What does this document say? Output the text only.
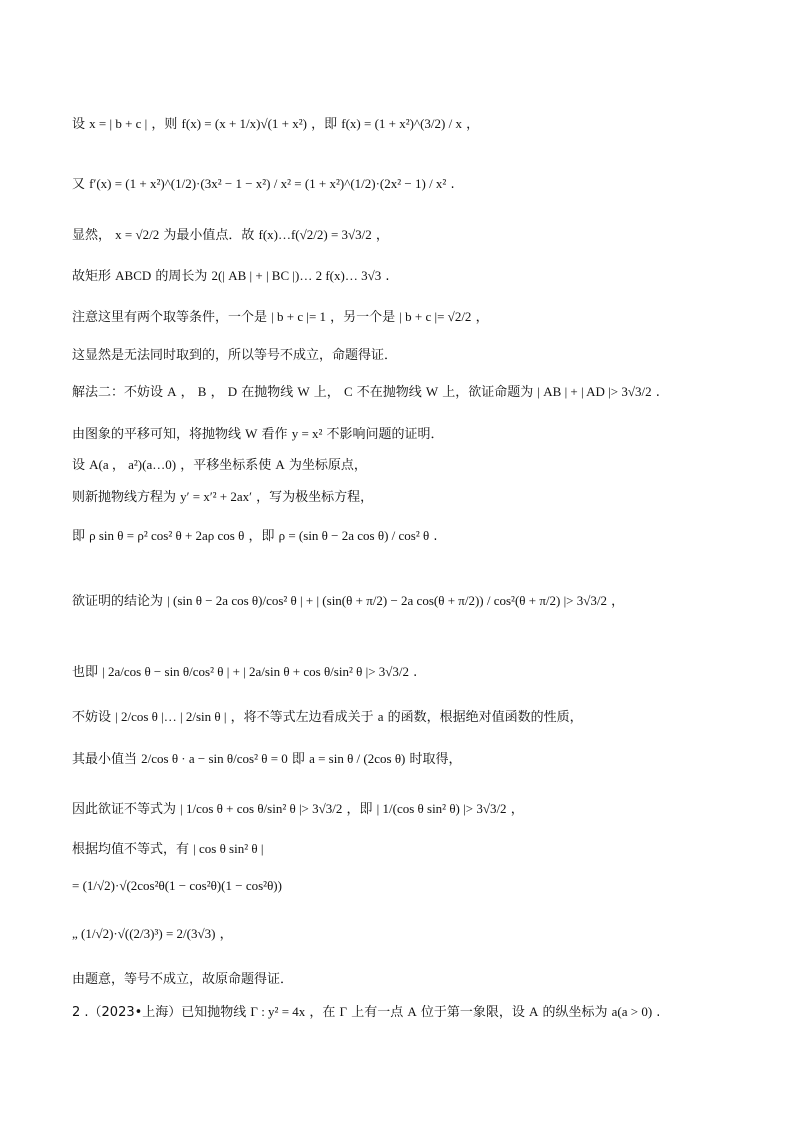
设 x = | b + c | ，则 f(x) = (x + 1/x)√(1 + x²) ，即 f(x) = (1 + x²)^(3/2) / x ，
又 f′(x) = (1 + x²)^(1/2)·(3x² − 1 − x²) / x² = (1 + x²)^(1/2)·(2x² − 1) / x² .
显然， x = √2/2 为最小值点．故 f(x)…f(√2/2) = 3√3/2 ，
故矩形 ABCD 的周长为 2(| AB | + | BC |)… 2 f(x)… 3√3 .
注意这里有两个取等条件，一个是 | b + c |= 1 ，另一个是 | b + c |= √2/2 ，
这显然是无法同时取到的，所以等号不成立，命题得证．
解法二：不妨设 A ， B ， D 在抛物线 W 上， C 不在抛物线 W 上，欲证命题为 | AB | + | AD |> 3√3/2 .
由图象的平移可知，将抛物线 W 看作 y = x² 不影响问题的证明．
设 A(a ， a²)(a…0) ，平移坐标系使 A 为坐标原点，
则新抛物线方程为 y′ = x′² + 2ax′ ，写为极坐标方程，
即 ρ sin θ = ρ² cos² θ + 2aρ cos θ ，即 ρ = (sin θ − 2a cos θ) / cos² θ .
欲证明的结论为 | (sin θ − 2a cos θ)/cos² θ | + | (sin(θ + π/2) − 2a cos(θ + π/2)) / cos²(θ + π/2) |> 3√3/2 ，
也即 | 2a/cos θ − sin θ/cos² θ | + | 2a/sin θ + cos θ/sin² θ |> 3√3/2 .
不妨设 | 2/cos θ |… | 2/sin θ | ，将不等式左边看成关于 a 的函数，根据绝对值函数的性质，
其最小值当 2/cos θ · a − sin θ/cos² θ = 0 即 a = sin θ / (2cos θ) 时取得，
因此欲证不等式为 | 1/cos θ + cos θ/sin² θ |> 3√3/2 ，即 | 1/(cos θ sin² θ) |> 3√3/2 ，
根据均值不等式，有 | cos θ sin² θ |
= (1/√2)·√(2cos²θ(1 − cos²θ)(1 − cos²θ))
„ (1/√2)·√((2/3)³) = 2/(3√3) ，
由题意，等号不成立，故原命题得证．
2 .（2023•上海）已知抛物线 Γ : y² = 4x ，在 Γ 上有一点 A 位于第一象限，设 A 的纵坐标为 a(a > 0) .
